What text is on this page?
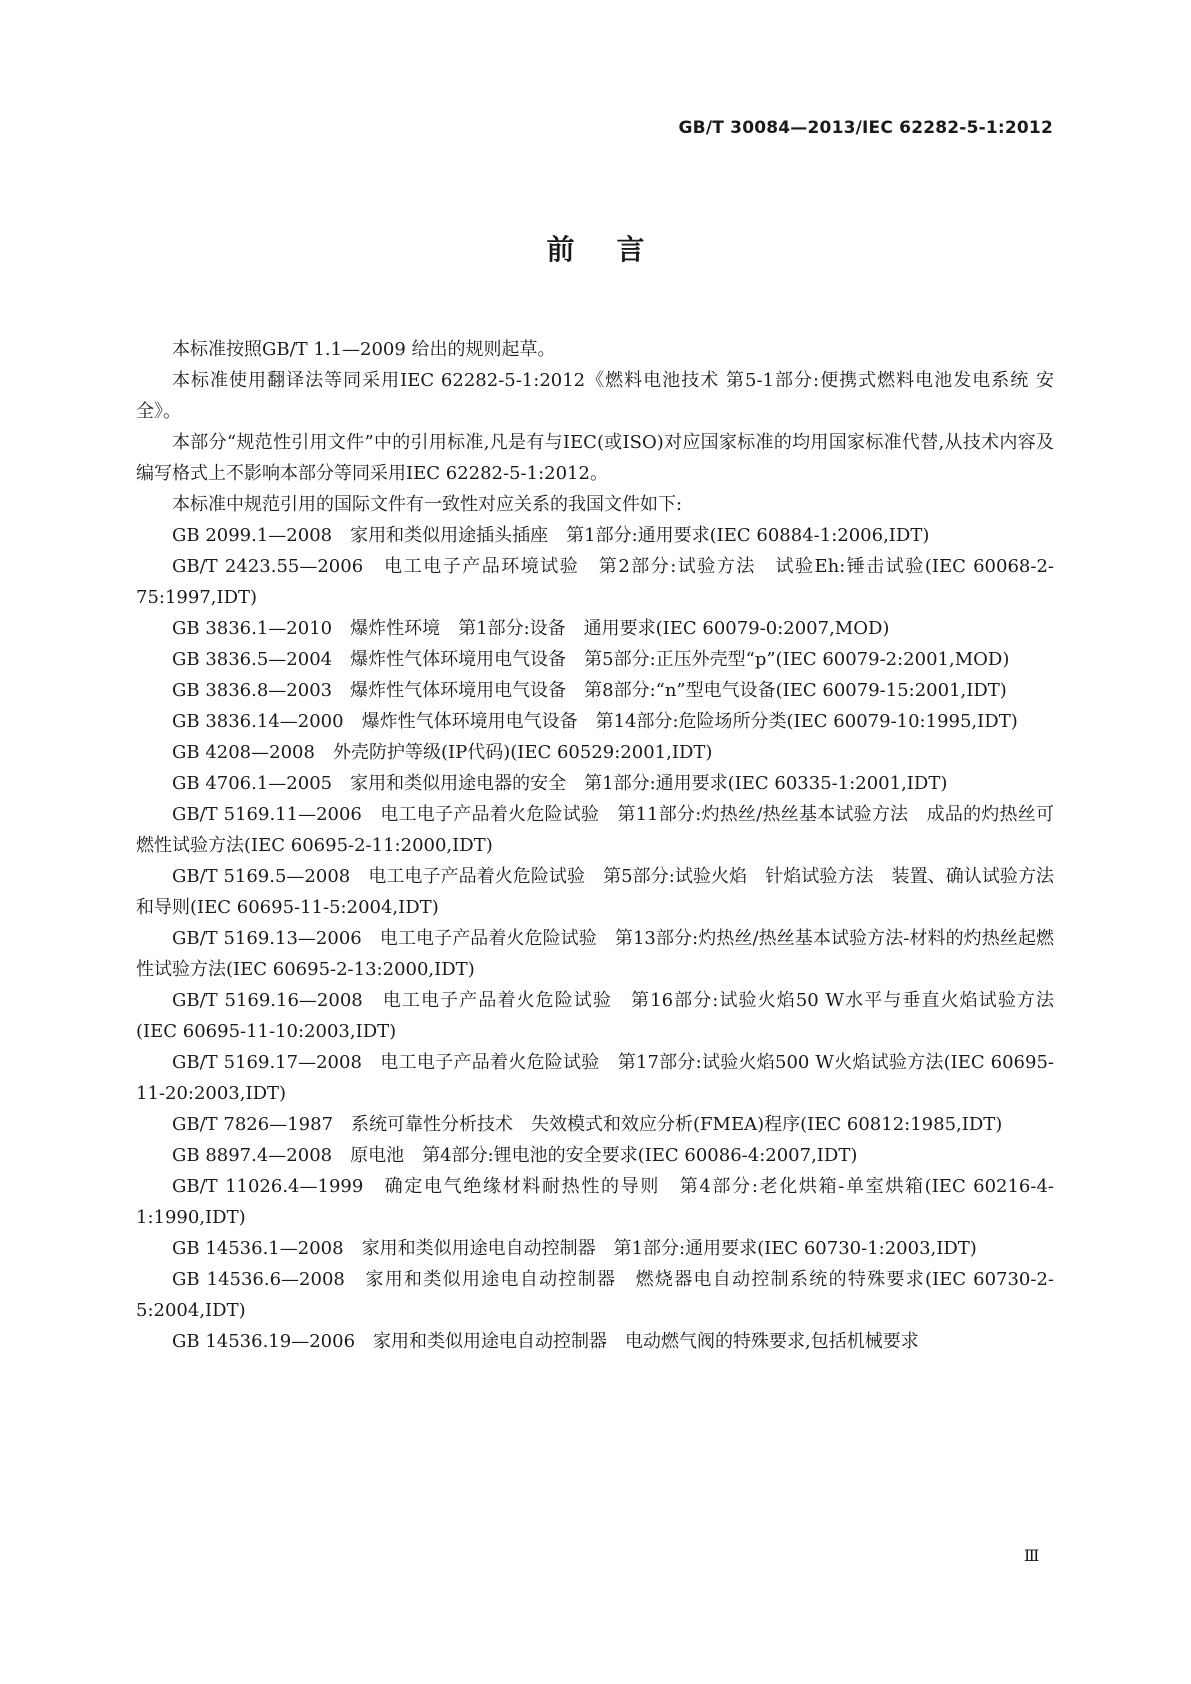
GB/T 30084—2013/IEC 62282-5-1:2012
前言

本标准按照GB/T 1.1—2009 给出的规则起草。

本标准使用翻译法等同采用IEC 62282-5-1:2012《燃料电池技术 第5-1部分:便携式燃料电池发电系统 安全》。

本部分“规范性引用文件”中的引用标准,凡是有与IEC(或ISO)对应国家标准的均用国家标准代替,从技术内容及编写格式上不影响本部分等同采用IEC 62282-5-1:2012。

本标准中规范引用的国际文件有一致性对应关系的我国文件如下:

GB 2099.1—2008　家用和类似用途插头插座　第1部分:通用要求(IEC 60884-1:2006,IDT)

GB/T 2423.55—2006　电工电子产品环境试验　第2部分:试验方法　试验Eh:锤击试验(IEC 60068-2-75:1997,IDT)

GB 3836.1—2010　爆炸性环境　第1部分:设备　通用要求(IEC 60079-0:2007,MOD)

GB 3836.5—2004　爆炸性气体环境用电气设备　第5部分:正压外壳型“p”(IEC 60079-2:2001,MOD)

GB 3836.8—2003　爆炸性气体环境用电气设备　第8部分:“n”型电气设备(IEC 60079-15:2001,IDT)

GB 3836.14—2000　爆炸性气体环境用电气设备　第14部分:危险场所分类(IEC 60079-10:1995,IDT)

GB 4208—2008　外壳防护等级(IP代码)(IEC 60529:2001,IDT)

GB 4706.1—2005　家用和类似用途电器的安全　第1部分:通用要求(IEC 60335-1:2001,IDT)

GB/T 5169.11—2006　电工电子产品着火危险试验　第11部分:灼热丝/热丝基本试验方法　成品的灼热丝可燃性试验方法(IEC 60695-2-11:2000,IDT)

GB/T 5169.5—2008　电工电子产品着火危险试验　第5部分:试验火焰　针焰试验方法　装置、确认试验方法和导则(IEC 60695-11-5:2004,IDT)

GB/T 5169.13—2006　电工电子产品着火危险试验　第13部分:灼热丝/热丝基本试验方法-材料的灼热丝起燃性试验方法(IEC 60695-2-13:2000,IDT)

GB/T 5169.16—2008　电工电子产品着火危险试验　第16部分:试验火焰50 W水平与垂直火焰试验方法(IEC 60695-11-10:2003,IDT)

GB/T 5169.17—2008　电工电子产品着火危险试验　第17部分:试验火焰500 W火焰试验方法(IEC 60695-11-20:2003,IDT)

GB/T 7826—1987　系统可靠性分析技术　失效模式和效应分析(FMEA)程序(IEC 60812:1985,IDT)

GB 8897.4—2008　原电池　第4部分:锂电池的安全要求(IEC 60086-4:2007,IDT)

GB/T 11026.4—1999　确定电气绝缘材料耐热性的导则　第4部分:老化烘箱-单室烘箱(IEC 60216-4-1:1990,IDT)

GB 14536.1—2008　家用和类似用途电自动控制器　第1部分:通用要求(IEC 60730-1:2003,IDT)

GB 14536.6—2008　家用和类似用途电自动控制器　燃烧器电自动控制系统的特殊要求(IEC 60730-2-5:2004,IDT)

GB 14536.19—2006　家用和类似用途电自动控制器　电动燃气阀的特殊要求,包括机械要求

Ⅲ
